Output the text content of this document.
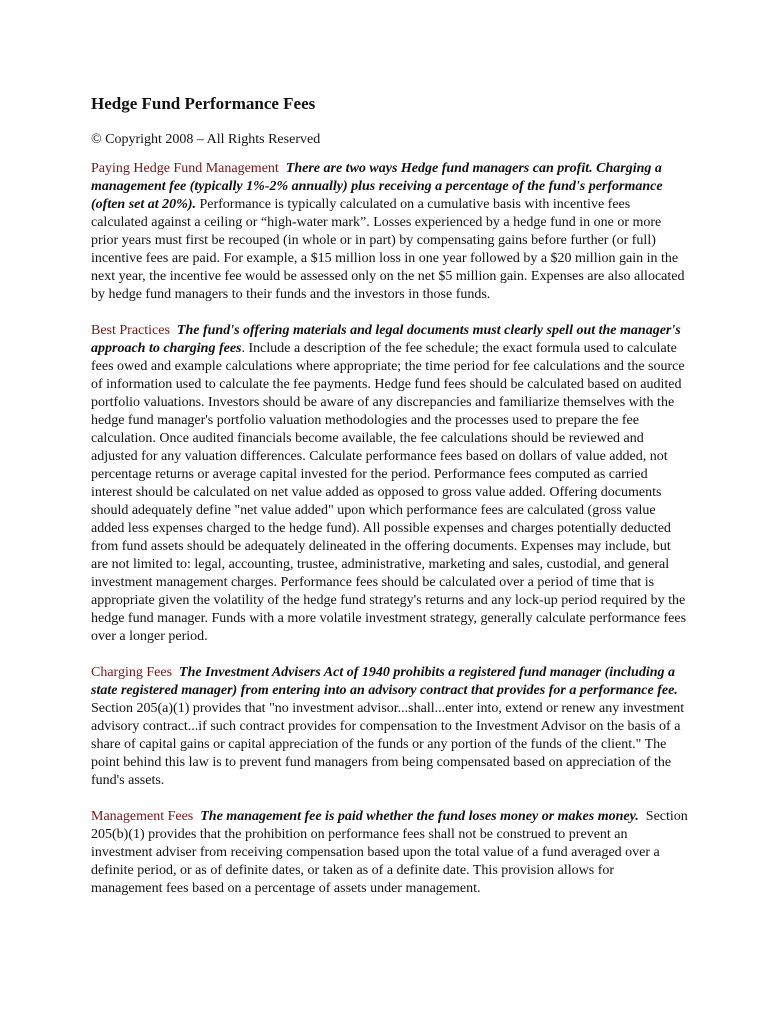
Hedge Fund Performance Fees
© Copyright 2008 – All Rights Reserved

Paying Hedge Fund Management There are two ways Hedge fund managers can profit. Charging a management fee (typically 1%-2% annually) plus receiving a percentage of the fund's performance (often set at 20%). Performance is typically calculated on a cumulative basis with incentive fees calculated against a ceiling or “high-water mark”. Losses experienced by a hedge fund in one or more prior years must first be recouped (in whole or in part) by compensating gains before further (or full) incentive fees are paid. For example, a $15 million loss in one year followed by a $20 million gain in the next year, the incentive fee would be assessed only on the net $5 million gain. Expenses are also allocated by hedge fund managers to their funds and the investors in those funds.

Best Practices The fund's offering materials and legal documents must clearly spell out the manager's approach to charging fees. Include a description of the fee schedule; the exact formula used to calculate fees owed and example calculations where appropriate; the time period for fee calculations and the source of information used to calculate the fee payments. Hedge fund fees should be calculated based on audited portfolio valuations. Investors should be aware of any discrepancies and familiarize themselves with the hedge fund manager's portfolio valuation methodologies and the processes used to prepare the fee calculation. Once audited financials become available, the fee calculations should be reviewed and adjusted for any valuation differences. Calculate performance fees based on dollars of value added, not percentage returns or average capital invested for the period. Performance fees computed as carried interest should be calculated on net value added as opposed to gross value added. Offering documents should adequately define "net value added" upon which performance fees are calculated (gross value added less expenses charged to the hedge fund). All possible expenses and charges potentially deducted from fund assets should be adequately delineated in the offering documents. Expenses may include, but are not limited to: legal, accounting, trustee, administrative, marketing and sales, custodial, and general investment management charges. Performance fees should be calculated over a period of time that is appropriate given the volatility of the hedge fund strategy's returns and any lock-up period required by the hedge fund manager. Funds with a more volatile investment strategy, generally calculate performance fees over a longer period.

Charging Fees The Investment Advisers Act of 1940 prohibits a registered fund manager (including a state registered manager) from entering into an advisory contract that provides for a performance fee. Section 205(a)(1) provides that "no investment advisor...shall...enter into, extend or renew any investment advisory contract...if such contract provides for compensation to the Investment Advisor on the basis of a share of capital gains or capital appreciation of the funds or any portion of the funds of the client." The point behind this law is to prevent fund managers from being compensated based on appreciation of the fund's assets.

Management Fees The management fee is paid whether the fund loses money or makes money. Section 205(b)(1) provides that the prohibition on performance fees shall not be construed to prevent an investment adviser from receiving compensation based upon the total value of a fund averaged over a definite period, or as of definite dates, or taken as of a definite date. This provision allows for management fees based on a percentage of assets under management.
